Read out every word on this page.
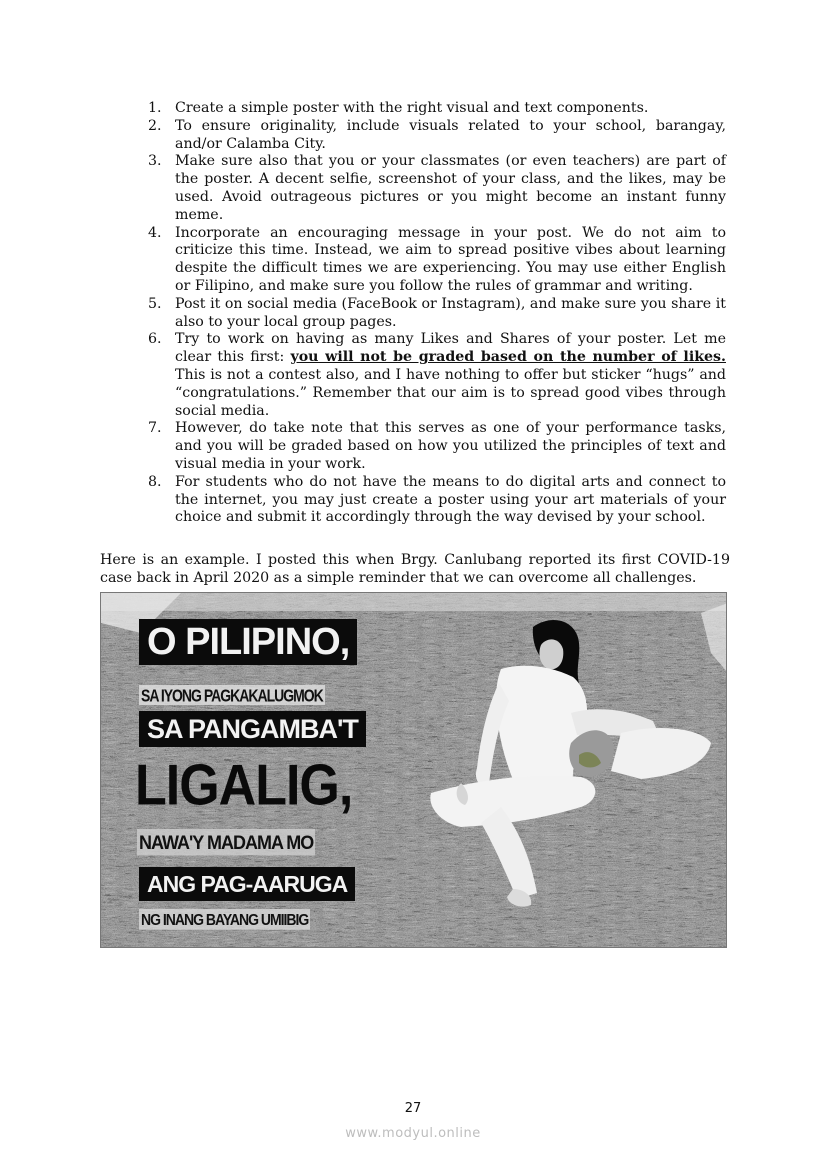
1. Create a simple poster with the right visual and text components.
2. To ensure originality, include visuals related to your school, barangay, and/or Calamba City.
3. Make sure also that you or your classmates (or even teachers) are part of the poster. A decent selfie, screenshot of your class, and the likes, may be used. Avoid outrageous pictures or you might become an instant funny meme.
4. Incorporate an encouraging message in your post. We do not aim to criticize this time. Instead, we aim to spread positive vibes about learning despite the difficult times we are experiencing. You may use either English or Filipino, and make sure you follow the rules of grammar and writing.
5. Post it on social media (FaceBook or Instagram), and make sure you share it also to your local group pages.
6. Try to work on having as many Likes and Shares of your poster. Let me clear this first: you will not be graded based on the number of likes. This is not a contest also, and I have nothing to offer but sticker “hugs” and “congratulations.” Remember that our aim is to spread good vibes through social media.
7. However, do take note that this serves as one of your performance tasks, and you will be graded based on how you utilized the principles of text and visual media in your work.
8. For students who do not have the means to do digital arts and connect to the internet, you may just create a poster using your art materials of your choice and submit it accordingly through the way devised by your school.

Here is an example. I posted this when Brgy. Canlubang reported its first COVID-19 case back in April 2020 as a simple reminder that we can overcome all challenges.

O PILIPINO,
SA IYONG PAGKAKALUGMOK
SA PANGAMBA'T
LIGALIG,
NAWA'Y MADAMA MO
ANG PAG-AARUGA
NG INANG BAYANG UMIIBIG
27
www.modyul.online
